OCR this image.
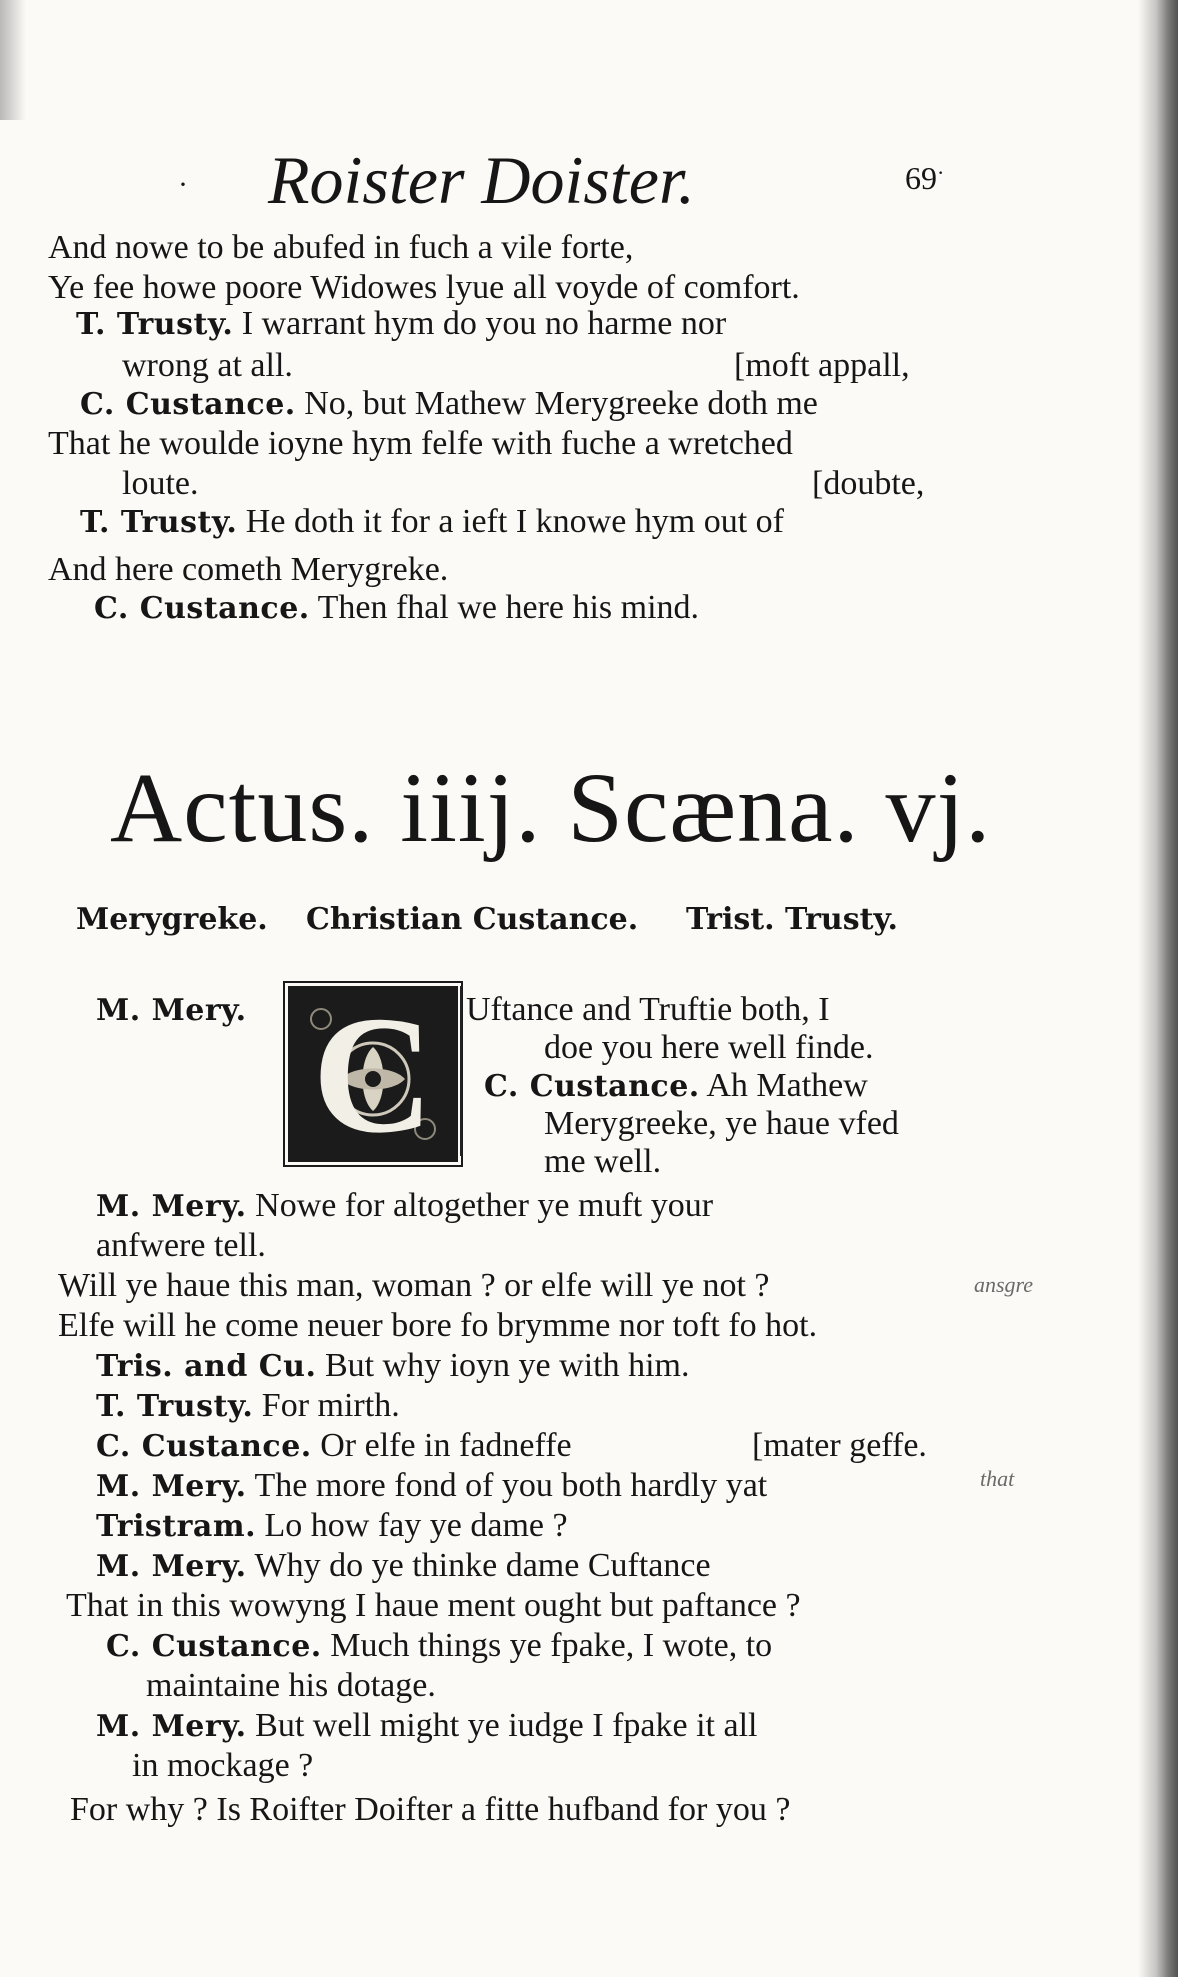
· Roister Doister.	69·
And nowe to be abufed in fuch a vile forte,
Ye fee howe poore Widowes lyue all voyde of comfort.
T. Trusty. I warrant hym do you no harme nor
wrong at all.	[moft appall,
C. Custance. No, but Mathew Merygreeke doth me
That he woulde ioyne hym felfe with fuche a wretched
loute.	[doubte,
T. Trusty. He doth it for a ieft I knowe hym out of
And here cometh Merygreke.
C. Custance. Then fhal we here his mind.
Actus. iiij. Scæna. vj.
Merygreke. Christian Custance. Trist. Trusty.
M. Mery. C Uftance and Truftie both, I
doe you here well finde.
C. Custance. Ah Mathew
Merygreeke, ye haue vfed
me well.
M. Mery. Nowe for altogether ye muft your
anfwere tell.
Will ye haue this man, woman ? or elfe will ye not ?
Elfe will he come neuer bore fo brymme nor toft fo hot.
Tris. and Cu. But why ioyn ye with him.
T. Trusty. For mirth.
C. Custance. Or elfe in fadneffe	[mater geffe.
M. Mery. The more fond of you both hardly yat
Tristram. Lo how fay ye dame ?
M. Mery. Why do ye thinke dame Cuftance
That in this wowyng I haue ment ought but paftance ?
C. Custance. Much things ye fpake, I wote, to
maintaine his dotage.
M. Mery. But well might ye iudge I fpake it all
in mockage ?
For why ? Is Roifter Doifter a fitte hufband for you ?
ansgre
that
